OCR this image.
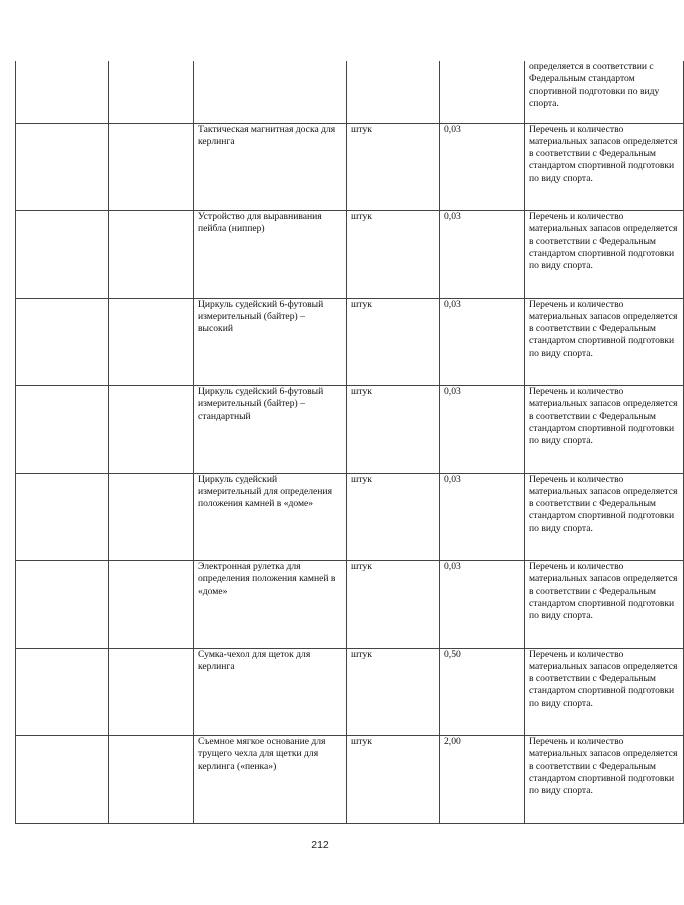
					определяется в соответствии с Федеральным стандартом спортивной подготовки по виду спорта.
		Тактическая магнитная доска для керлинга	штук	0,03	Перечень и количество материальных запасов определяется в соответствии с Федеральным стандартом спортивной подготовки по виду спорта.
		Устройство для выравнивания пейбла (ниппер)	штук	0,03	Перечень и количество материальных запасов определяется в соответствии с Федеральным стандартом спортивной подготовки по виду спорта.
		Циркуль судейский 6-футовый измерительный (байтер) – высокий	штук	0,03	Перечень и количество материальных запасов определяется в соответствии с Федеральным стандартом спортивной подготовки по виду спорта.
		Циркуль судейский 6-футовый измерительный (байтер) – стандартный	штук	0,03	Перечень и количество материальных запасов определяется в соответствии с Федеральным стандартом спортивной подготовки по виду спорта.
		Циркуль судейский измерительный для определения положения камней в «доме»	штук	0,03	Перечень и количество материальных запасов определяется в соответствии с Федеральным стандартом спортивной подготовки по виду спорта.
		Электронная рулетка для определения положения камней в «доме»	штук	0,03	Перечень и количество материальных запасов определяется в соответствии с Федеральным стандартом спортивной подготовки по виду спорта.
		Сумка-чехол для щеток для керлинга	штук	0,50	Перечень и количество материальных запасов определяется в соответствии с Федеральным стандартом спортивной подготовки по виду спорта.
		Съемное мягкое основание для трущего чехла для щетки для керлинга («пенка»)	штук	2,00	Перечень и количество материальных запасов определяется в соответствии с Федеральным стандартом спортивной подготовки по виду спорта.
212
